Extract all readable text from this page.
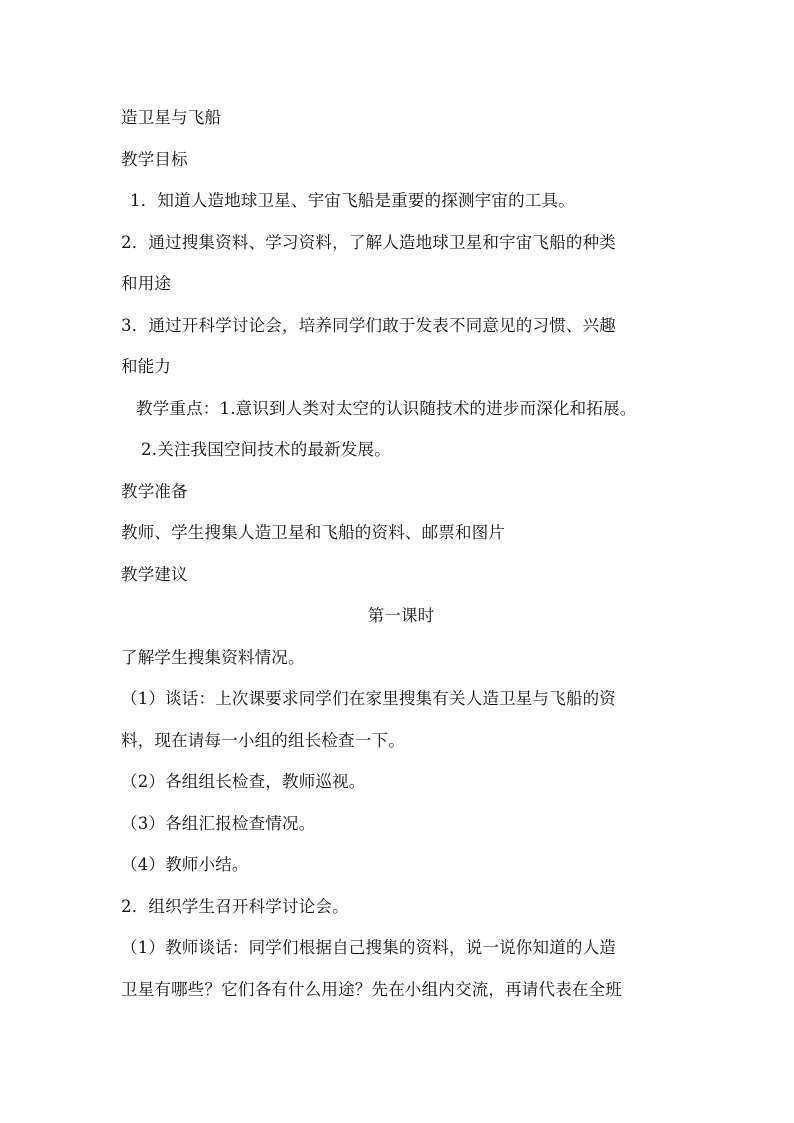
造卫星与飞船
教学目标
1．知道人造地球卫星、宇宙飞船是重要的探测宇宙的工具。
2．通过搜集资料、学习资料，了解人造地球卫星和宇宙飞船的种类
和用途
3．通过开科学讨论会，培养同学们敢于发表不同意见的习惯、兴趣
和能力
教学重点：1.意识到人类对太空的认识随技术的进步而深化和拓展。
2.关注我国空间技术的最新发展。
教学准备
教师、学生搜集人造卫星和飞船的资料、邮票和图片
教学建议
第一课时
了解学生搜集资料情况。
（1）谈话：上次课要求同学们在家里搜集有关人造卫星与飞船的资
料，现在请每一小组的组长检查一下。
（2）各组组长检查，教师巡视。
（3）各组汇报检查情况。
（4）教师小结。
2．组织学生召开科学讨论会。
（1）教师谈话：同学们根据自己搜集的资料，说一说你知道的人造
卫星有哪些？它们各有什么用途？先在小组内交流，再请代表在全班
